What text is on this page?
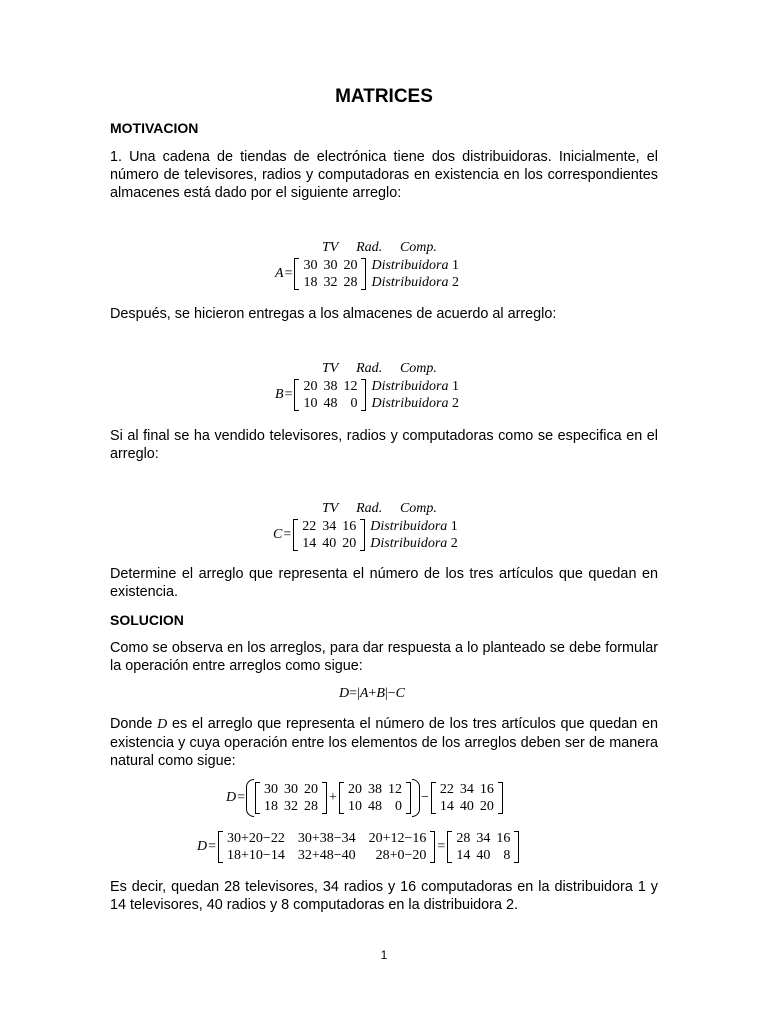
MATRICES
MOTIVACION
1. Una cadena de tiendas de electrónica tiene dos distribuidoras. Inicialmente, el número de televisores, radios y computadoras en existencia en los correspondientes almacenes está dado por el siguiente arreglo:
TV Rad. Comp.
A =
30	30	20
18	32	28
Distribuidora 1
Distribuidora 2
Después, se hicieron entregas a los almacenes de acuerdo al arreglo:
TV Rad. Comp.
B =
20	38	12
10	48	0
Distribuidora 1
Distribuidora 2
Si al final se ha vendido televisores, radios y computadoras como se especifica en el arreglo:
TV Rad. Comp.
C =
22	34	16
14	40	20
Distribuidora 1
Distribuidora 2
Determine el arreglo que representa el número de los tres artículos que quedan en existencia.
SOLUCION
Como se observa en los arreglos, para dar respuesta a lo planteado se debe formular la operación entre arreglos como sigue:
D=|A+B|−C
Donde D es el arreglo que representa el número de los tres artículos que quedan en existencia y cuya operación entre los elementos de los arreglos deben ser de manera natural como sigue:
D =
30	30	20
18	32	28
+
20	38	12
10	48	0
−
22	34	16
14	40	20
D =
30+20−22	30+38−34	20+12−16
18+10−14	32+48−40	28+0−20
=
28	34	16
14	40	8
Es decir, quedan 28 televisores, 34 radios y 16 computadoras en la distribuidora 1 y 14 televisores, 40 radios y 8 computadoras en la distribuidora 2.
1
